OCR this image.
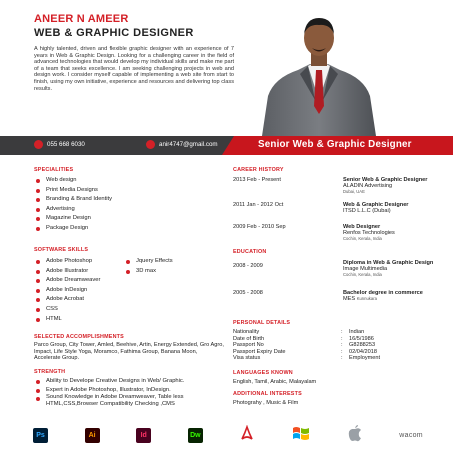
ANEER N AMEER
WEB & GRAPHIC DESIGNER

A highly talented, driven and flexible graphic designer with an experience of 7 years in Web & Graphic Design. Looking for a challenging career in the field of advanced technologies that would develop my individual skills and make me part of a team that seeks excellence. I am seeking challenging projects in web and design work. I consider myself capable of implementing a web site from start to finish, using my own initiative, experience and resources and delivering top class results.

055 668 6030	anir4747@gmail.com	Senior Web & Graphic Designer
SPECIALITIES
Web design
Print Media Designs
Branding & Brand Identity
Advertising
Magazine Design
Package Design
SOFTWARE SKILLS
Adobe Photoshop
Adobe Illustrator
Adobe Dreamweaver
Adobe InDesign
Adobe Acrobat
CSS
HTML
Jquery Effects
3D max
SELECTED ACCOMPLISHMENTS

Parco Group, City Tower, Amled, Beehive, Artin, Energy Extended, Gro Agro, Impact, Life Style Yoga, Moramco, Fathima Group, Banana Moon, Accelerate Group.

STRENGTH
Ability to Develope Creative Designs in Web/ Graphic.
Expert in Adobe Photoshop, Illustrator, InDesign.
Sound Knowledge in Adobe Dreamweaver, Table less HTML,CSS,Browser Compatibility Checking ,CMS
CAREER HISTORY
2013 Feb - Present	Senior Web & Graphic Designer
ALADIN Advertising
Dubai, UAE
2011 Jan - 2012 Oct	Web & Graphic Designer
ITSD L.L.C (Dubai)
2009 Feb - 2010 Sep	Web Designer
Renfos Technologies
Cochin, Kerala, India
EDUCATION
2008 - 2009	Diploma in Web & Graphic Design
Image Multimedia
Cochin, Kerala, India
2005 - 2008	Bachelor degree in commerce
MES Kunnukara
PERSONAL DETAILS
Nationality	:	Indian
Date of Birth	:	16/5/1986
Passport No	:	G8288253
Passport Expiry Date	:	02/04/2018
Visa status	:	Employment
LANGUAGES KNOWN
English, Tamil, Arabic, Malayalam
ADDITIONAL INTERESTS
Photograhy , Music & Film
Ps	Ai	Id	Dw	wacom
